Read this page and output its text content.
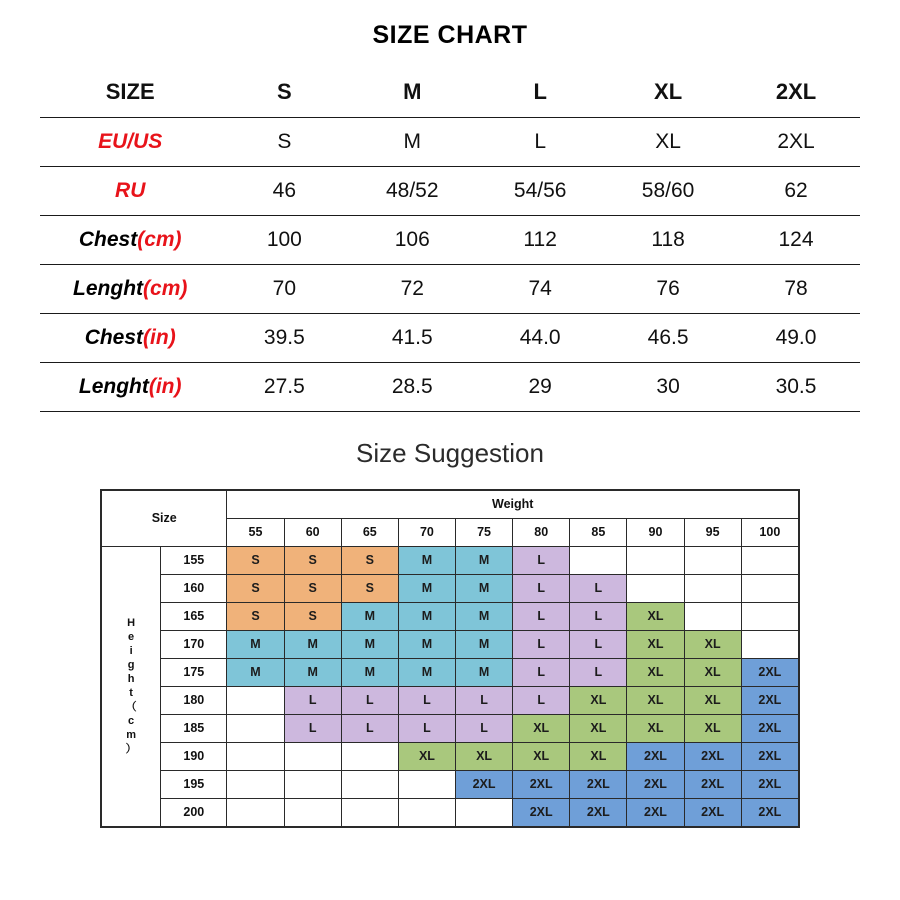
SIZE CHART
SIZE	S	M	L	XL	2XL
EU/US	S	M	L	XL	2XL
RU	46	48/52	54/56	58/60	62
Chest(cm)	100	106	112	118	124
Lenght(cm)	70	72	74	76	78
Chest(in)	39.5	41.5	44.0	46.5	49.0
Lenght(in)	27.5	28.5	29	30	30.5
Size Suggestion
Size		Weight									
		55	60	65	70	75	80	85	90	95	100

H
e
i
g
h
t
（
c
m
）
	155	S	S	S	M	M	L				
	160	S	S	S	M	M	L	L			
	165	S	S	M	M	M	L	L	XL		
	170	M	M	M	M	M	L	L	XL	XL	
	175	M	M	M	M	M	L	L	XL	XL	2XL
	180		L	L	L	L	L	XL	XL	XL	2XL
	185		L	L	L	L	XL	XL	XL	XL	2XL
	190				XL	XL	XL	XL	2XL	2XL	2XL
	195					2XL	2XL	2XL	2XL	2XL	2XL
	200						2XL	2XL	2XL	2XL	2XL
